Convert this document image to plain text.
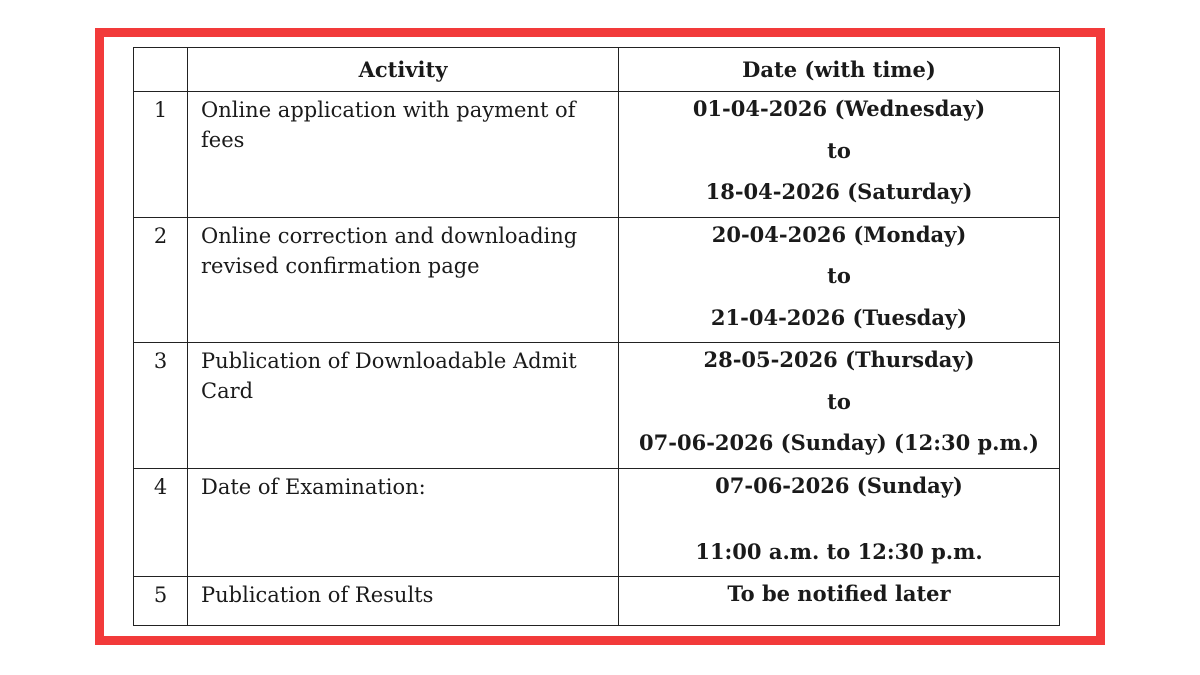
	Activity	Date (with time)
1	Online application with payment of fees	01-04-2026 (Wednesday)
to
18-04-2026 (Saturday)

2	Online correction and downloading revised confirmation page	20-04-2026 (Monday)
to
21-04-2026 (Tuesday)

3	Publication of Downloadable Admit Card	28-05-2026 (Thursday)
to
07-06-2026 (Sunday) (12:30 p.m.)

4	Date of Examination:	07-06-2026 (Sunday)
11:00 a.m. to 12:30 p.m.

5	Publication of Results	To be notified later
